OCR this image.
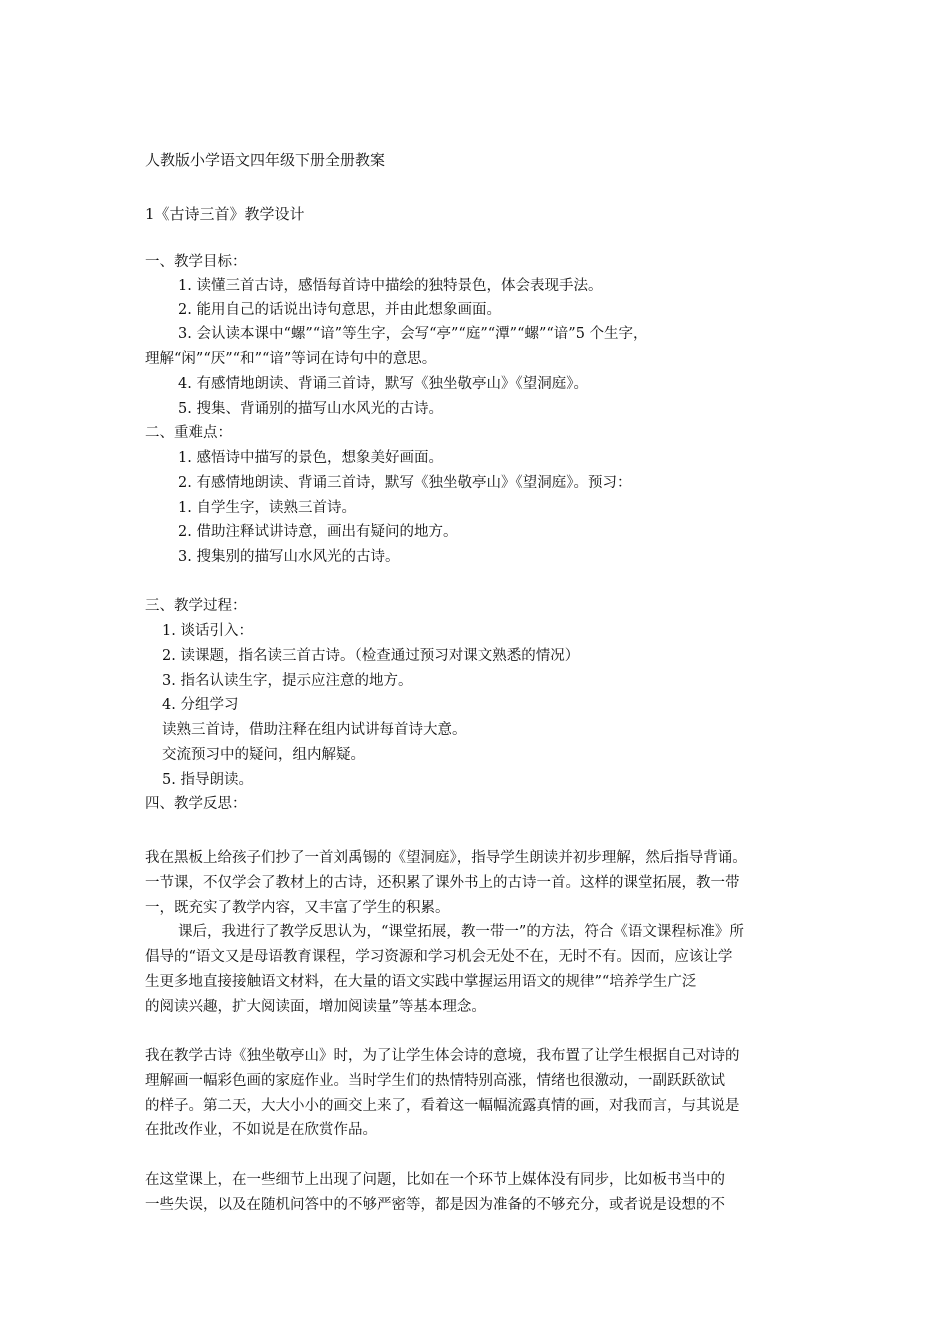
人教版小学语文四年级下册全册教案
1《古诗三首》教学设计
一、教学目标：
1. 读懂三首古诗，感悟每首诗中描绘的独特景色，体会表现手法。
2. 能用自己的话说出诗句意思，并由此想象画面。
3. 会认读本课中“螺”“谙”等生字，会写“亭”“庭”“潭”“螺”“谙”5 个生字，
理解“闲”“厌”“和”“谙”等词在诗句中的意思。
4. 有感情地朗读、背诵三首诗，默写《独坐敬亭山》《望洞庭》。
5. 搜集、背诵别的描写山水风光的古诗。
二、重难点：
1. 感悟诗中描写的景色，想象美好画面。
2. 有感情地朗读、背诵三首诗，默写《独坐敬亭山》《望洞庭》。预习：
1. 自学生字，读熟三首诗。
2. 借助注释试讲诗意，画出有疑问的地方。
3. 搜集别的描写山水风光的古诗。
三、教学过程：
1. 谈话引入：
2. 读课题，指名读三首古诗。（检查通过预习对课文熟悉的情况）
3. 指名认读生字，提示应注意的地方。
4. 分组学习
读熟三首诗，借助注释在组内试讲每首诗大意。
交流预习中的疑问，组内解疑。
5. 指导朗读。
四、教学反思：
我在黑板上给孩子们抄了一首刘禹锡的《望洞庭》，指导学生朗读并初步理解，然后指导背诵。
一节课，不仅学会了教材上的古诗，还积累了课外书上的古诗一首。这样的课堂拓展，教一带
一，既充实了教学内容，又丰富了学生的积累。
课后，我进行了教学反思认为，“课堂拓展，教一带一”的方法，符合《语文课程标准》所
倡导的“语文又是母语教育课程，学习资源和学习机会无处不在，无时不有。因而，应该让学
生更多地直接接触语文材料，在大量的语文实践中掌握运用语文的规律”“培养学生广泛
的阅读兴趣，扩大阅读面，增加阅读量”等基本理念。
我在教学古诗《独坐敬亭山》时，为了让学生体会诗的意境，我布置了让学生根据自己对诗的
理解画一幅彩色画的家庭作业。当时学生们的热情特别高涨，情绪也很激动，一副跃跃欲试
的样子。第二天，大大小小的画交上来了，看着这一幅幅流露真情的画，对我而言，与其说是
在批改作业，不如说是在欣赏作品。
在这堂课上，在一些细节上出现了问题，比如在一个环节上媒体没有同步，比如板书当中的
一些失误，以及在随机问答中的不够严密等，都是因为准备的不够充分，或者说是设想的不
